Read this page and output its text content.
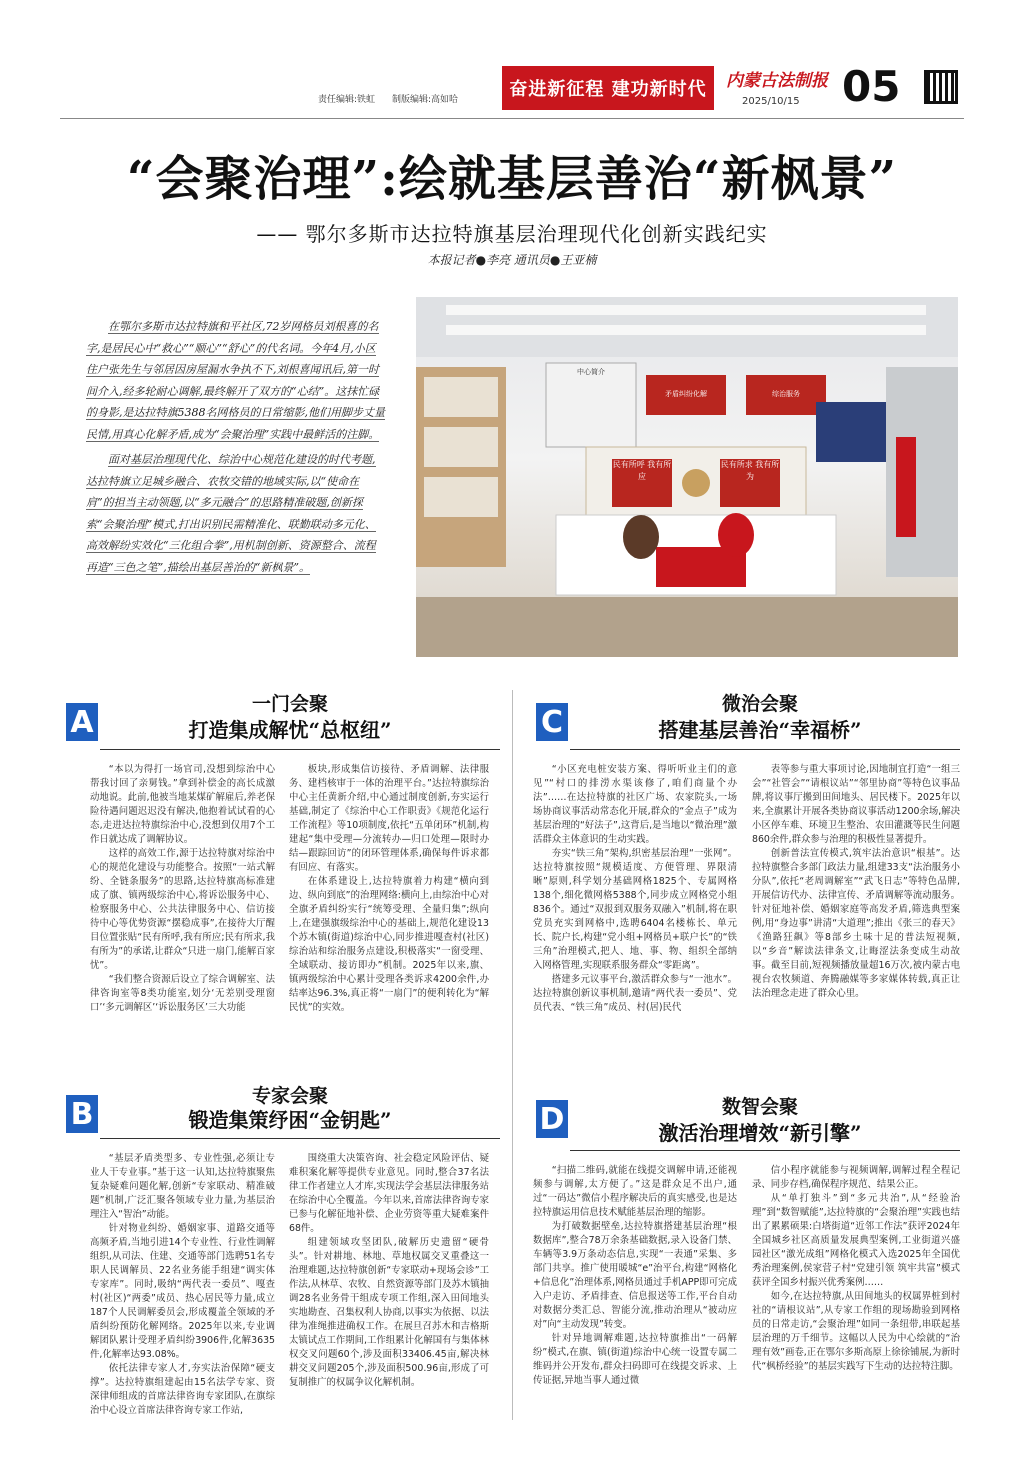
责任编辑:铁虹 制版编辑:高如哈	奋进新征程 建功新时代	内蒙古法制报
2025/10/15 05
“会聚治理”:绘就基层善治“新枫景”
—— 鄂尔多斯市达拉特旗基层治理现代化创新实践纪实
本报记者●李亮 通讯员●王亚楠

在鄂尔多斯市达拉特旗和平社区,72岁网格员刘根喜的名字,是居民心中“救心”“顺心”“舒心”的代名词。今年4月,小区住户张先生与邻居因房屋漏水争执不下,刘根喜闻讯后,第一时间介入,经多轮耐心调解,最终解开了双方的“心结”。这抹忙碌的身影,是达拉特旗5388名网格员的日常缩影,他们用脚步丈量民情,用真心化解矛盾,成为“会聚治理”实践中最鲜活的注脚。

面对基层治理现代化、综治中心规范化建设的时代考题,达拉特旗立足城乡融合、农牧交错的地域实际,以“使命在肩”的担当主动领题,以“多元融合”的思路精准破题,创新探索“会聚治理”模式,打出识别民需精准化、联勤联动多元化、高效解纷实效化“三化组合拳”,用机制创新、资源整合、流程再造“三色之笔”,描绘出基层善治的“新枫景”。

民有所呼 我有所应
民有所求 我有所为
矛盾纠纷化解	综治服务
中心简介
A
一门会聚
打造集成解忧“总枢纽”

“本以为得打一场官司,没想到综治中心帮我讨回了亲舅钱。”拿到补偿金的高长成激动地说。此前,他被当地某煤矿解雇后,养老保险待遇问题迟迟没有解决,他抱着试试看的心态,走进达拉特旗综治中心,没想到仅用7个工作日就达成了调解协议。

这样的高效工作,源于达拉特旗对综治中心的规范化建设与功能整合。按照“一站式解纷、全链条服务”的思路,达拉特旗高标准建成了旗、镇两级综治中心,将诉讼服务中心、检察服务中心、公共法律服务中心、信访接待中心等优势资源“摆稳成事”,在接待大厅醒目位置张贴“民有所呼,我有所应;民有所求,我有所为”的承诺,让群众“只进一扇门,能解百家忧”。

“我们整合资源后设立了综合调解室、法律咨询室等8类功能室,划分‘无差别受理窗口’‘多元调解区’‘诉讼服务区’三大功能

板块,形成集信访接待、矛盾调解、法律服务、建档核审于一体的治理平台。”达拉特旗综治中心主任黄新介绍,中心通过制度创新,夯实运行基础,制定了《综治中心工作职责》《规范化运行工作流程》等10项制度,依托“五单闭环”机制,构建起“集中受理—分流转办—归口处理—限时办结—跟踪回访”的闭环管理体系,确保每件诉求都有回应、有落实。

在体系建设上,达拉特旗着力构建“横向到边、纵向到底”的治理网络:横向上,由综治中心对全旗矛盾纠纷实行“统筹受理、全量归集”;纵向上,在建强旗级综治中心的基础上,规范化建设13个苏木镇(街道)综治中心,同步推进嘎查村(社区)综治站和综治服务点建设,积极落实“一窗受理、全域联动、接访即办”机制。2025年以来,旗、镇两级综治中心累计受理各类诉求4200余件,办结率达96.3%,真正将“一扇门”的便利转化为“解民忧”的实效。

C
微治会聚
搭建基层善治“幸福桥”

“小区充电桩安装方案、得听听业主们的意见”“村口的排涝水渠该修了,咱们商量个办法”……在达拉特旗的社区广场、农家院头,一场场协商议事活动常态化开展,群众的“金点子”成为基层治理的“好法子”,这背后,是当地以“微治理”激活群众主体意识的生动实践。

夯实“铁三角”架构,织密基层治理“一张网”。达拉特旗按照“规模适度、方便管理、界限清晰”原则,科学划分基础网格1825个、专属网格138个,细化微网格5388个,同步成立网格党小组836个。通过“双报到双服务双融入”机制,将在职党员充实到网格中,选聘6404名楼栋长、单元长、院户长,构建“党小组+网格员+联户长”的“铁三角”治理模式,把人、地、事、物、组织全部纳入网格管理,实现联系服务群众“零距离”。

搭建多元议事平台,激活群众参与“一池水”。达拉特旗创新议事机制,邀请“两代表一委员”、党员代表、“铁三角”成员、村(居)民代

表等参与重大事项讨论,因地制宜打造“一组三会”“社管会”“请根议站”“邻里协商”等特色议事品牌,将议事厅搬到田间地头、居民楼下。2025年以来,全旗累计开展各类协商议事活动1200余场,解决小区停车难、环境卫生整治、农田灌溉等民生问题860余件,群众参与治理的积极性显著提升。

创新普法宣传模式,筑牢法治意识“根基”。达拉特旗整合多部门政法力量,组建33支“法治服务小分队”,依托“老周调解室”“武飞日志”等特色品牌,开展信访代办、法律宣传、矛盾调解等流动服务。针对征地补偿、婚姻家庭等高发矛盾,筛选典型案例,用“身边事”讲清“大道理”;推出《张三的春天》《渔路狂飙》等8部乡土味十足的普法短视频,以“乡音”解读法律条文,让晦涩法条变成生动故事。截至目前,短视频播放量超16万次,被内蒙古电视台农牧频道、奔腾融媒等多家媒体转载,真正让法治理念走进了群众心里。

B
专家会聚
锻造集策纾困“金钥匙”

“基层矛盾类型多、专业性强,必须让专业人干专业事。”基于这一认知,达拉特旗聚焦复杂疑难问题化解,创新“专家联动、精准破题”机制,广泛汇聚各领域专业力量,为基层治理注入“智治”动能。

针对物业纠纷、婚姻家事、道路交通等高频矛盾,当地引进14个专业性、行业性调解组织,从司法、住建、交通等部门选聘51名专职人民调解员、22名业务能手组建“调实体专家库”。同时,吸纳“两代表一委员”、嘎查村(社区)“两委”成员、热心居民等力量,成立187个人民调解委员会,形成覆盖全领域的矛盾纠纷预防化解网络。2025年以来,专业调解团队累计受理矛盾纠纷3906件,化解3635件,化解率达93.08%。

依托法律专家人才,夯实法治保障“硬支撑”。达拉特旗组建起由15名法学专家、资深律师组成的首席法律咨询专家团队,在旗综治中心设立首席法律咨询专家工作站,

围绕重大决策咨询、社会稳定风险评估、疑难积案化解等提供专业意见。同时,整合37名法律工作者建立人才库,实现法学会基层法律服务站在综治中心全覆盖。今年以来,首席法律咨询专家已参与化解征地补偿、企业劳资等重大疑难案件68件。

组建领域攻坚团队,破解历史遗留“硬骨头”。针对耕地、林地、草地权属交叉重叠这一治理难题,达拉特旗创新“专家联动+现场会诊”工作法,从林草、农牧、自然资源等部门及苏木镇抽调28名业务骨干组成专项工作组,深入田间地头实地勘查、召集权利人协商,以事实为依据、以法律为准绳推进确权工作。在展旦召苏木和吉格斯太镇试点工作期间,工作组累计化解国有与集体林权交叉问题60个,涉及面积33406.45亩,解决林耕交叉问题205个,涉及面积500.96亩,形成了可复制推广的权属争议化解机制。

D	数智会聚
激活治理增效“新引擎”

“扫描二维码,就能在线提交调解申请,还能视频参与调解,太方便了。”这是群众足不出户,通过“一码达”微信小程序解决后的真实感受,也是达拉特旗运用信息技术赋能基层治理的缩影。

为打破数据壁垒,达拉特旗搭建基层治理“根数据库”,整合78万余条基础数据,录入设备门禁、车辆等3.9万条动态信息,实现“一表通”采集、多部门共享。推广使用暖城“e”治平台,构建“网格化+信息化”治理体系,网格员通过手机APP即可完成入户走访、矛盾排查、信息报送等工作,平台自动对数据分类汇总、智能分流,推动治理从“被动应对”向“主动发现”转变。

针对异地调解难题,达拉特旗推出“一码解纷”模式,在旗、镇(街道)综治中心统一设置专属二维码并公开发布,群众扫码即可在线提交诉求、上传证据,异地当事人通过微

信小程序就能参与视频调解,调解过程全程记录、同步存档,确保程序规范、结果公正。

从“单打独斗”到“多元共治”,从“经验治理”到“数智赋能”,达拉特旗的“会聚治理”实践也结出了累累硕果:白塔街道“近邻工作法”获评2024年全国城乡社区高质量发展典型案例,工业街道兴盛园社区“激光成组”网格化模式入选2025年全国优秀治理案例,侯家营子村“党建引领 筑牢共富”模式获评全国乡村振兴优秀案例……

如今,在达拉特旗,从田间地头的权属界桩到村社的“请根议站”,从专家工作组的现场勘验到网格员的日常走访,“会聚治理”如同一条纽带,串联起基层治理的万千细节。这幅以人民为中心绘就的“治理有效”画卷,正在鄂尔多斯高原上徐徐铺展,为新时代“枫桥经验”的基层实践写下生动的达拉特注脚。
